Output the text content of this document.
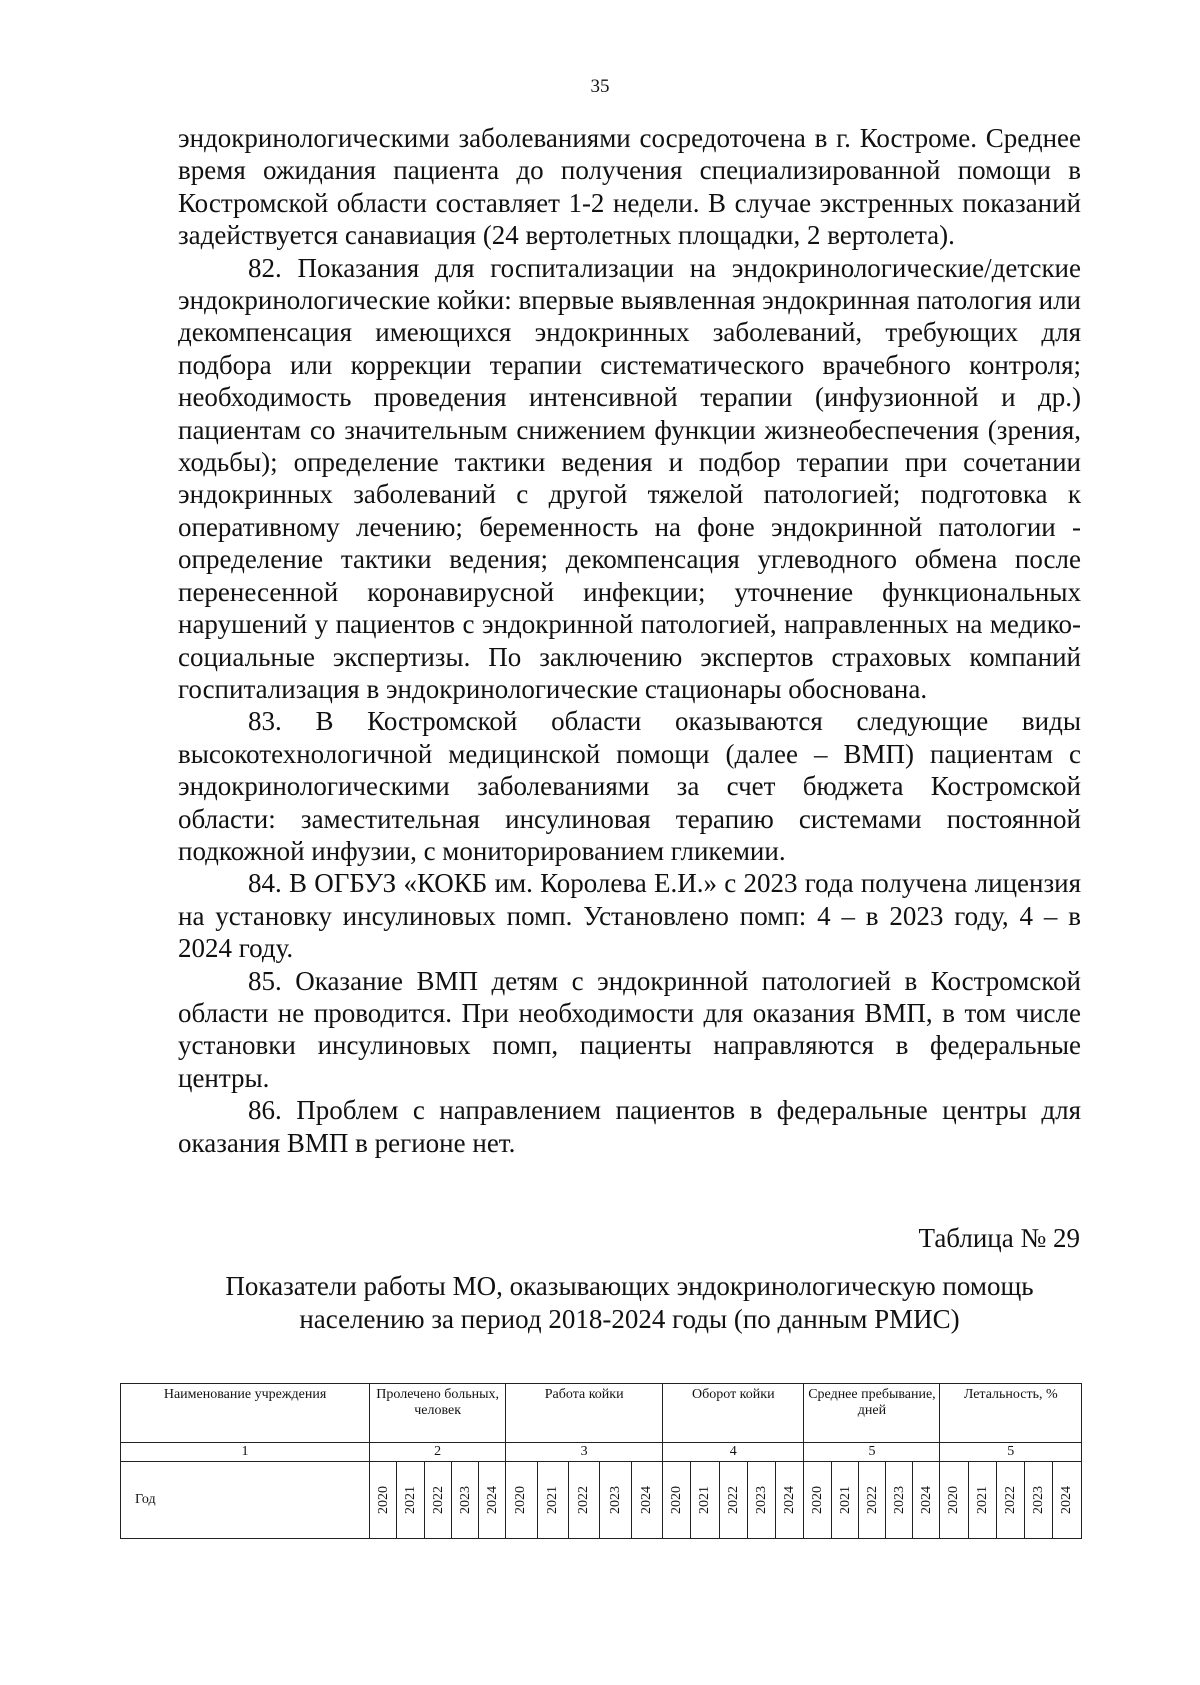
35

эндокринологическими заболеваниями сосредоточена в г. Костроме. Среднее время ожидания пациента до получения специализированной помощи в Костромской области составляет 1-2 недели. В случае экстренных показаний задействуется санавиация (24 вертолетных площадки, 2 вертолета).

82. Показания для госпитализации на эндокринологические/детские эндокринологические койки: впервые выявленная эндокринная патология или декомпенсация имеющихся эндокринных заболеваний, требующих для подбора или коррекции терапии систематического врачебного контроля; необходимость проведения интенсивной терапии (инфузионной и др.) пациентам со значительным снижением функции жизнеобеспечения (зрения, ходьбы); определение тактики ведения и подбор терапии при сочетании эндокринных заболеваний с другой тяжелой патологией; подготовка к оперативному лечению; беременность на фоне эндокринной патологии - определение тактики ведения; декомпенсация углеводного обмена после перенесенной коронавирусной инфекции; уточнение функциональных нарушений у пациентов с эндокринной патологией, направленных на медико-социальные экспертизы. По заключению экспертов страховых компаний госпитализация в эндокринологические стационары обоснована.

83. В Костромской области оказываются следующие виды высокотехнологичной медицинской помощи (далее – ВМП) пациентам с эндокринологическими заболеваниями за счет бюджета Костромской области: заместительная инсулиновая терапию системами постоянной подкожной инфузии, с мониторированием гликемии.

84. В ОГБУЗ «КОКБ им. Королева Е.И.» с 2023 года получена лицензия на установку инсулиновых помп. Установлено помп: 4 – в 2023 году, 4 – в 2024 году.

85. Оказание ВМП детям с эндокринной патологией в Костромской области не проводится. При необходимости для оказания ВМП, в том числе установки инсулиновых помп, пациенты направляются в федеральные центры.

86. Проблем с направлением пациентов в федеральные центры для оказания ВМП в регионе нет.

Таблица № 29
Показатели работы МО, оказывающих эндокринологическую помощь населению за период 2018-2024 годы (по данным РМИС)
Наименование учреждения	Пролечено больных, человек					Работа койки					Оборот койки					Среднее пребывание, дней					Летальность, %				
1	2					3					4					5					5				
Год	2020	2021	2022	2023	2024	2020	2021	2022	2023	2024	2020	2021	2022	2023	2024	2020	2021	2022	2023	2024	2020	2021	2022	2023	2024
